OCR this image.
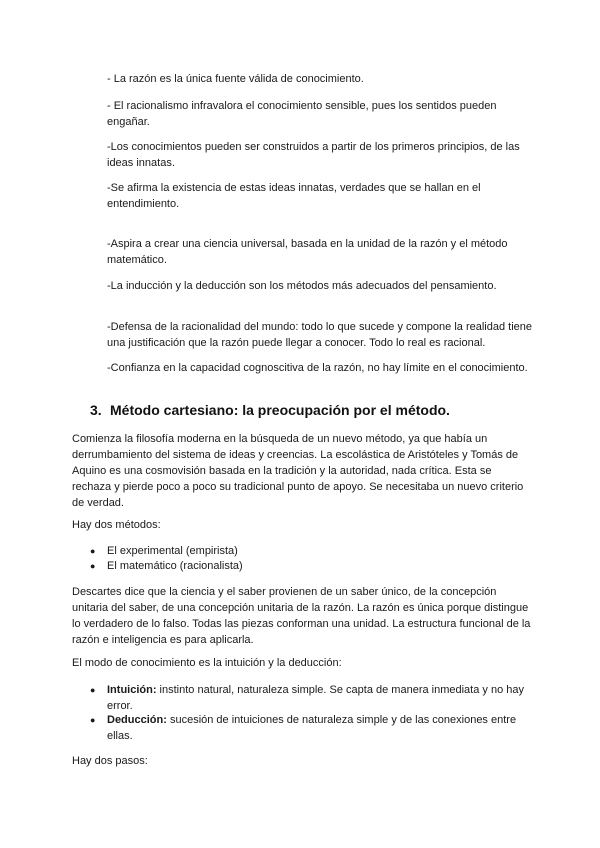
- La razón es la única fuente válida de conocimiento.

- El racionalismo infravalora el conocimiento sensible, pues los sentidos pueden engañar.

-Los conocimientos pueden ser construidos a partir de los primeros principios, de las ideas innatas.

-Se afirma la existencia de estas ideas innatas, verdades que se hallan en el entendimiento.

-Aspira a crear una ciencia universal, basada en la unidad de la razón y el método matemático.

-La inducción y la deducción son los métodos más adecuados del pensamiento.

-Defensa de la racionalidad del mundo: todo lo que sucede y compone la realidad tiene una justificación que la razón puede llegar a conocer. Todo lo real es racional.

-Confianza en la capacidad cognoscitiva de la razón, no hay límite en el conocimiento.

3. Método cartesiano: la preocupación por el método.

Comienza la filosofía moderna en la búsqueda de un nuevo método, ya que había un derrumbamiento del sistema de ideas y creencias. La escolástica de Aristóteles y Tomás de Aquino es una cosmovisión basada en la tradición y la autoridad, nada crítica. Esta se rechaza y pierde poco a poco su tradicional punto de apoyo. Se necesitaba un nuevo criterio de verdad.

Hay dos métodos:

● El experimental (empirista)
● El matemático (racionalista)

Descartes dice que la ciencia y el saber provienen de un saber único, de la concepción unitaria del saber, de una concepción unitaria de la razón. La razón es única porque distingue lo verdadero de lo falso. Todas las piezas conforman una unidad. La estructura funcional de la razón e inteligencia es para aplicarla.

El modo de conocimiento es la intuición y la deducción:

● Intuición: instinto natural, naturaleza simple. Se capta de manera inmediata y no hay error.
● Deducción: sucesión de intuiciones de naturaleza simple y de las conexiones entre ellas.

Hay dos pasos:
